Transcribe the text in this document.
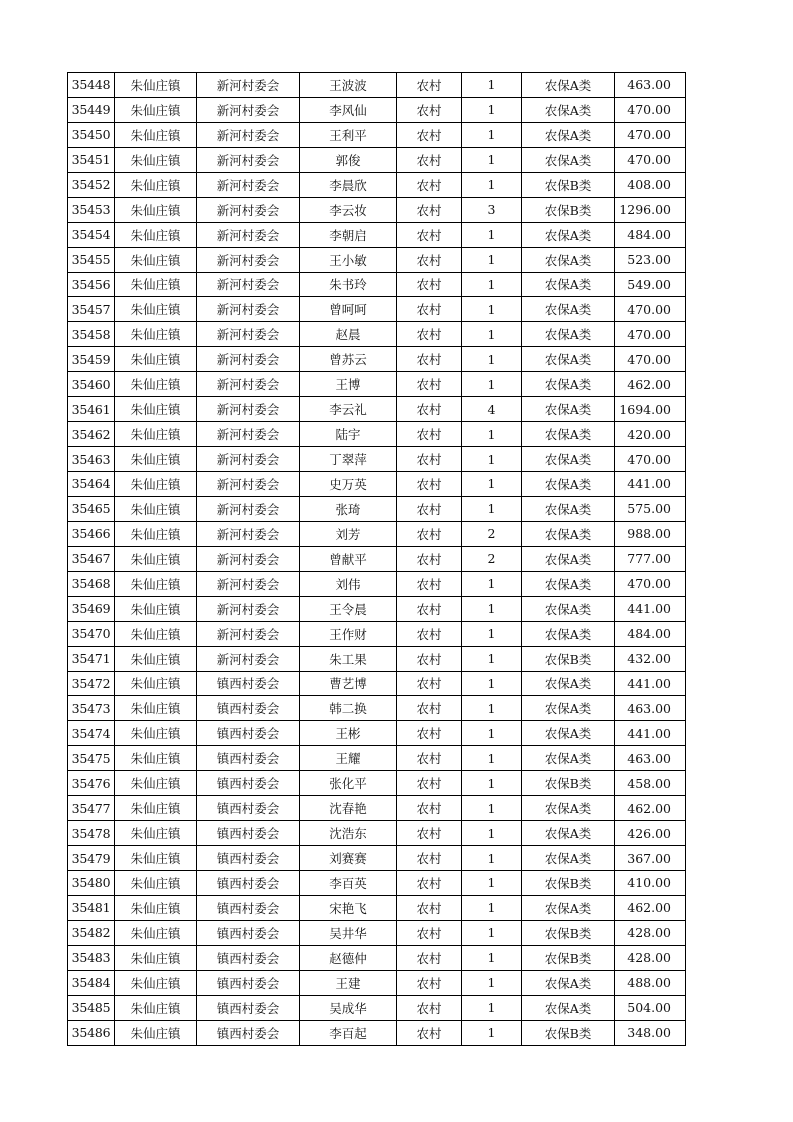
35448	朱仙庄镇	新河村委会	王波波	农村	1	农保A类	463.00
35449	朱仙庄镇	新河村委会	李风仙	农村	1	农保A类	470.00
35450	朱仙庄镇	新河村委会	王利平	农村	1	农保A类	470.00
35451	朱仙庄镇	新河村委会	郭俊	农村	1	农保A类	470.00
35452	朱仙庄镇	新河村委会	李晨欣	农村	1	农保B类	408.00
35453	朱仙庄镇	新河村委会	李云妆	农村	3	农保B类	1296.00
35454	朱仙庄镇	新河村委会	李朝启	农村	1	农保A类	484.00
35455	朱仙庄镇	新河村委会	王小敏	农村	1	农保A类	523.00
35456	朱仙庄镇	新河村委会	朱书玲	农村	1	农保A类	549.00
35457	朱仙庄镇	新河村委会	曾呵呵	农村	1	农保A类	470.00
35458	朱仙庄镇	新河村委会	赵晨	农村	1	农保A类	470.00
35459	朱仙庄镇	新河村委会	曾苏云	农村	1	农保A类	470.00
35460	朱仙庄镇	新河村委会	王博	农村	1	农保A类	462.00
35461	朱仙庄镇	新河村委会	李云礼	农村	4	农保A类	1694.00
35462	朱仙庄镇	新河村委会	陆宇	农村	1	农保A类	420.00
35463	朱仙庄镇	新河村委会	丁翠萍	农村	1	农保A类	470.00
35464	朱仙庄镇	新河村委会	史万英	农村	1	农保A类	441.00
35465	朱仙庄镇	新河村委会	张琦	农村	1	农保A类	575.00
35466	朱仙庄镇	新河村委会	刘芳	农村	2	农保A类	988.00
35467	朱仙庄镇	新河村委会	曾献平	农村	2	农保A类	777.00
35468	朱仙庄镇	新河村委会	刘伟	农村	1	农保A类	470.00
35469	朱仙庄镇	新河村委会	王令晨	农村	1	农保A类	441.00
35470	朱仙庄镇	新河村委会	王作财	农村	1	农保A类	484.00
35471	朱仙庄镇	新河村委会	朱工果	农村	1	农保B类	432.00
35472	朱仙庄镇	镇西村委会	曹艺博	农村	1	农保A类	441.00
35473	朱仙庄镇	镇西村委会	韩二换	农村	1	农保A类	463.00
35474	朱仙庄镇	镇西村委会	王彬	农村	1	农保A类	441.00
35475	朱仙庄镇	镇西村委会	王耀	农村	1	农保A类	463.00
35476	朱仙庄镇	镇西村委会	张化平	农村	1	农保B类	458.00
35477	朱仙庄镇	镇西村委会	沈春艳	农村	1	农保A类	462.00
35478	朱仙庄镇	镇西村委会	沈浩东	农村	1	农保A类	426.00
35479	朱仙庄镇	镇西村委会	刘赛赛	农村	1	农保A类	367.00
35480	朱仙庄镇	镇西村委会	李百英	农村	1	农保B类	410.00
35481	朱仙庄镇	镇西村委会	宋艳飞	农村	1	农保A类	462.00
35482	朱仙庄镇	镇西村委会	吴井华	农村	1	农保B类	428.00
35483	朱仙庄镇	镇西村委会	赵德仲	农村	1	农保B类	428.00
35484	朱仙庄镇	镇西村委会	王建	农村	1	农保A类	488.00
35485	朱仙庄镇	镇西村委会	吴成华	农村	1	农保A类	504.00
35486	朱仙庄镇	镇西村委会	李百起	农村	1	农保B类	348.00
